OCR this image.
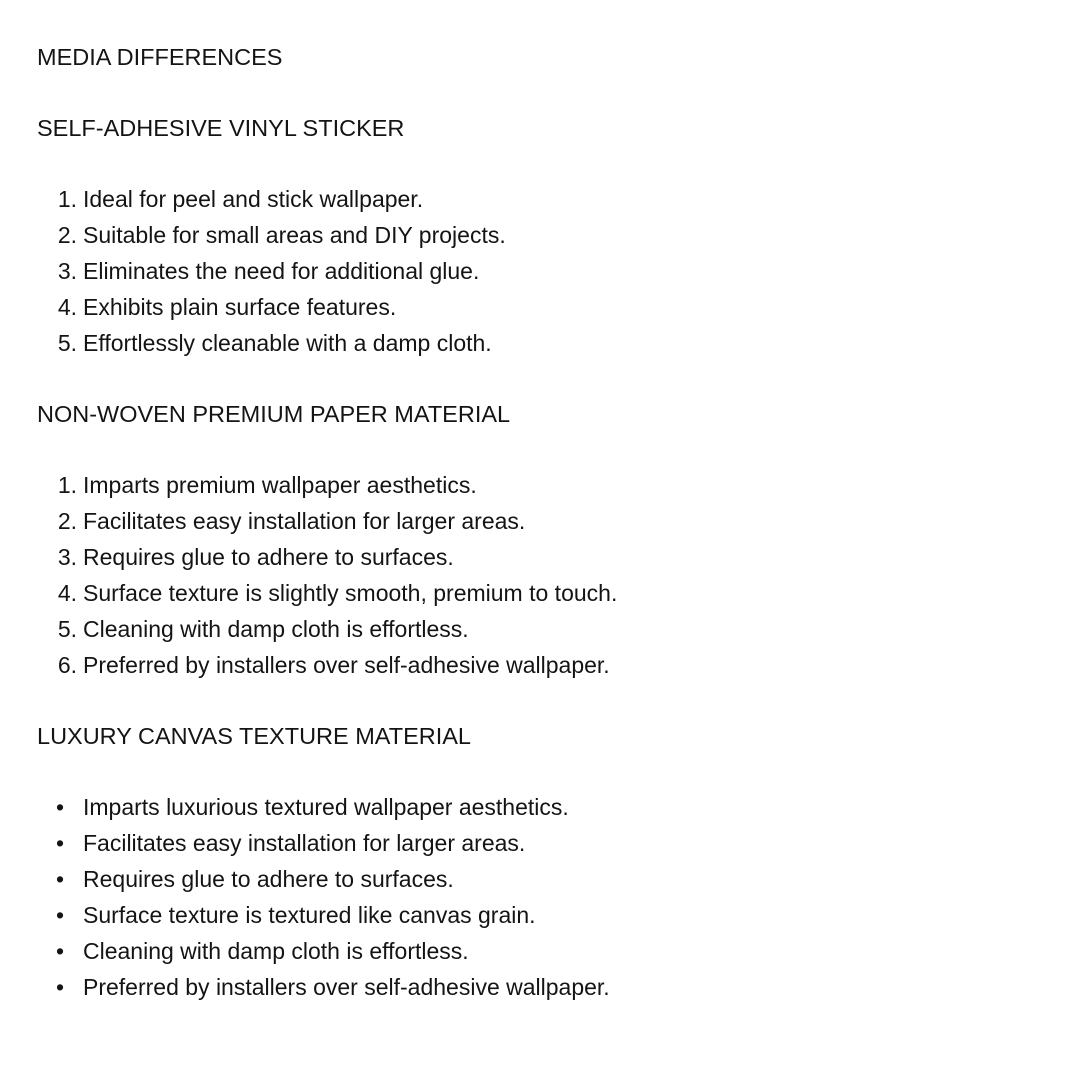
MEDIA DIFFERENCES

SELF-ADHESIVE VINYL STICKER

Ideal for peel and stick wallpaper.
Suitable for small areas and DIY projects.
Eliminates the need for additional glue.
Exhibits plain surface features.
Effortlessly cleanable with a damp cloth.

NON-WOVEN PREMIUM PAPER MATERIAL

Imparts premium wallpaper aesthetics.
Facilitates easy installation for larger areas.
Requires glue to adhere to surfaces.
Surface texture is slightly smooth, premium to touch.
Cleaning with damp cloth is effortless.
Preferred by installers over self-adhesive wallpaper.

LUXURY CANVAS TEXTURE MATERIAL

• Imparts luxurious textured wallpaper aesthetics.
• Facilitates easy installation for larger areas.
• Requires glue to adhere to surfaces.
• Surface texture is textured like canvas grain.
• Cleaning with damp cloth is effortless.
• Preferred by installers over self-adhesive wallpaper.
